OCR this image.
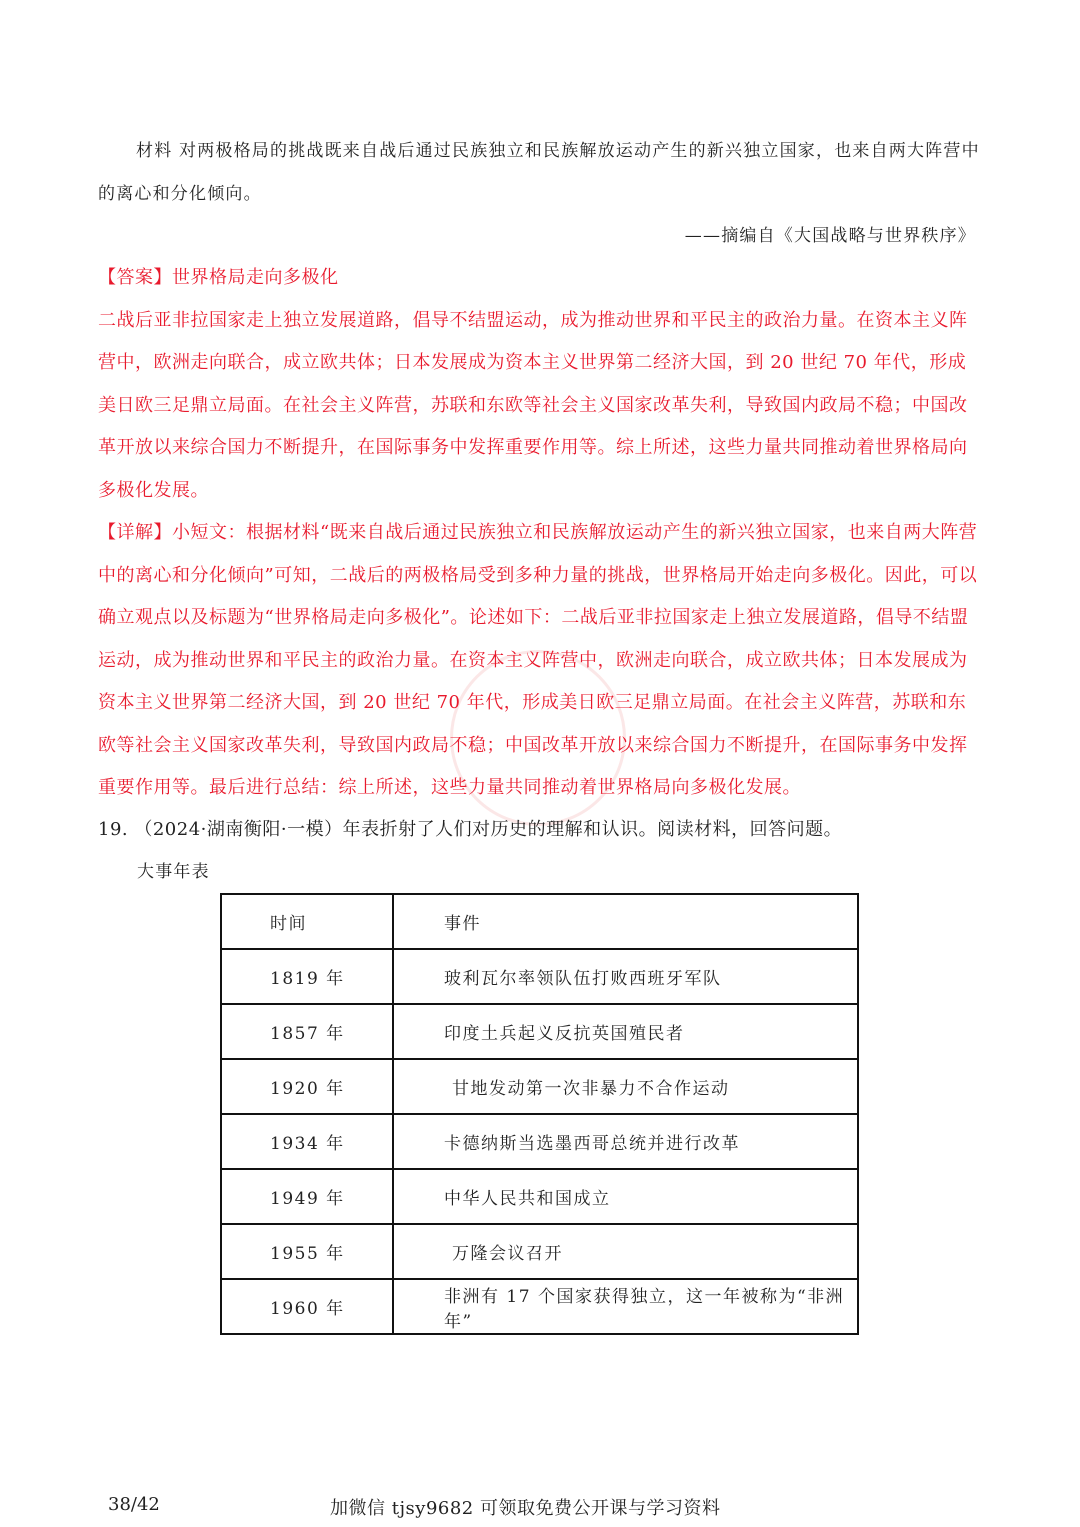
材料 对两极格局的挑战既来自战后通过民族独立和民族解放运动产生的新兴独立国家，也来自两大阵营中的离心和分化倾向。
——摘编自《大国战略与世界秩序》
【答案】世界格局走向多极化
二战后亚非拉国家走上独立发展道路，倡导不结盟运动，成为推动世界和平民主的政治力量。在资本主义阵营中，欧洲走向联合，成立欧共体；日本发展成为资本主义世界第二经济大国，到 20 世纪 70 年代，形成美日欧三足鼎立局面。在社会主义阵营，苏联和东欧等社会主义国家改革失利，导致国内政局不稳；中国改革开放以来综合国力不断提升，在国际事务中发挥重要作用等。综上所述，这些力量共同推动着世界格局向多极化发展。
【详解】小短文：根据材料“既来自战后通过民族独立和民族解放运动产生的新兴独立国家，也来自两大阵营中的离心和分化倾向”可知，二战后的两极格局受到多种力量的挑战，世界格局开始走向多极化。因此，可以确立观点以及标题为“世界格局走向多极化”。论述如下：二战后亚非拉国家走上独立发展道路，倡导不结盟运动，成为推动世界和平民主的政治力量。在资本主义阵营中，欧洲走向联合，成立欧共体；日本发展成为资本主义世界第二经济大国，到 20 世纪 70 年代，形成美日欧三足鼎立局面。在社会主义阵营，苏联和东欧等社会主义国家改革失利，导致国内政局不稳；中国改革开放以来综合国力不断提升，在国际事务中发挥重要作用等。最后进行总结：综上所述，这些力量共同推动着世界格局向多极化发展。
19. （2024·湖南衡阳·一模）年表折射了人们对历史的理解和认识。阅读材料，回答问题。
大事年表
时间	事件
1819 年	玻利瓦尔率领队伍打败西班牙军队
1857 年	印度土兵起义反抗英国殖民者
1920 年	甘地发动第一次非暴力不合作运动
1934 年	卡德纳斯当选墨西哥总统并进行改革
1949 年	中华人民共和国成立
1955 年	万隆会议召开
1960 年	非洲有 17 个国家获得独立，这一年被称为“非洲年”
38/42	加微信 tjsy9682 可领取免费公开课与学习资料
